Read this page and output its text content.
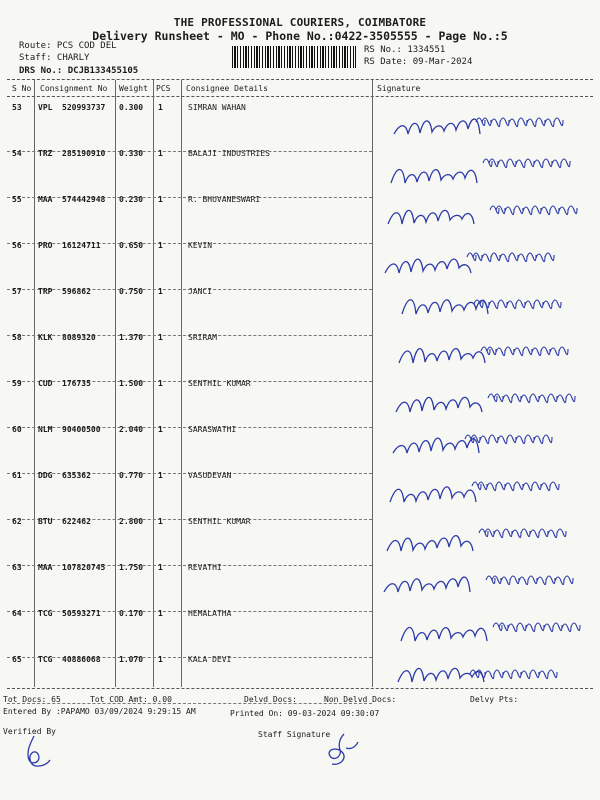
THE PROFESSIONAL COURIERS, COIMBATORE
Delivery Runsheet - MO - Phone No.:0422-3505555 - Page No.:5
Route: PCS COD DEL
Staff: CHARLY
DRS No.: DCJB133455105
RS No.: 1334551
RS Date: 09-Mar-2024
S No Consignment No Weight PCS Consignee Details	Signature
53 VPL 520993737 0.300 1	SIMRAN WAHAN
54 TRZ 285190910 0.330 1	BALAJI INDUSTRIES
55 MAA 574442948 0.230 1	R. BHUVANESWARI
56 PRO 16124711 0.650 1	KEVIN
57 TRP 596862	0.750 1	JANCI
58 KLK 8089320	1.370 1	SRIRAM
59 CUD 176735	1.500 1	SENTHIL KUMAR
60 NLM 90400500 2.040 1	SARASWATHI
61 DDG 635362	0.770 1	VASUDEVAN
62 BTU 622462	2.800 1	SENTHIL KUMAR
63 MAA 107820745 1.750 1	REVATHI
64 TCG 50593271 0.170 1	HEMALATHA
65 TCG 40886068 1.070 1	KALA DEVI
Tot Docs: 65	Tot COD Amt: 0.00	Delvd Docs:	Non Delvd Docs:	Delvy Pts:
Entered By :PAPAMO 03/09/2024 9:29:15 AM	Printed On: 09-03-2024 09:30:07
Verified By	Staff Signature
